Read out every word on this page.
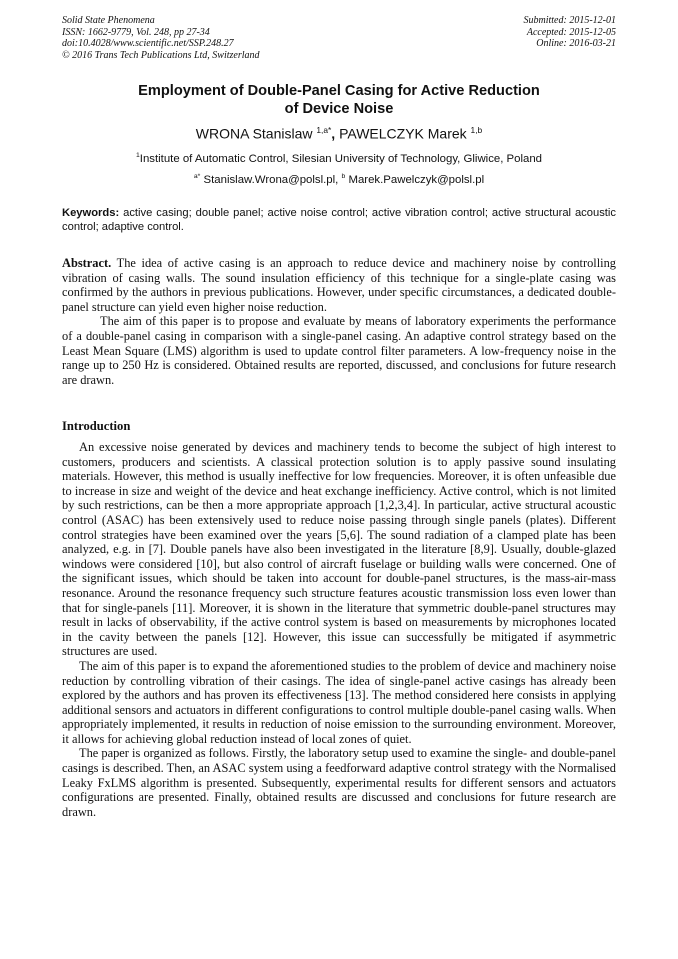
Solid State Phenomena
ISSN: 1662-9779, Vol. 248, pp 27-34
doi:10.4028/www.scientific.net/SSP.248.27
© 2016 Trans Tech Publications Ltd, Switzerland
Submitted: 2015-12-01
Accepted: 2015-12-05
Online: 2016-03-21
Employment of Double-Panel Casing for Active Reduction
of Device Noise
WRONA Stanislaw $^{1,a*}$, PAWELCZYK Marek $^{1,b}$
$^1$Institute of Automatic Control, Silesian University of Technology, Gliwice, Poland
$^{a*}$ Stanislaw.Wrona@polsl.pl, $^b$ Marek.Pawelczyk@polsl.pl
Keywords: active casing; double panel; active noise control; active vibration control; active structural acoustic control; adaptive control.

Abstract. The idea of active casing is an approach to reduce device and machinery noise by controlling vibration of casing walls. The sound insulation efficiency of this technique for a single-plate casing was confirmed by the authors in previous publications. However, under specific circumstances, a dedicated double-panel structure can yield even higher noise reduction.

The aim of this paper is to propose and evaluate by means of laboratory experiments the performance of a double-panel casing in comparison with a single-panel casing. An adaptive control strategy based on the Least Mean Square (LMS) algorithm is used to update control filter parameters. A low-frequency noise in the range up to 250 Hz is considered. Obtained results are reported, discussed, and conclusions for future research are drawn.

Introduction

An excessive noise generated by devices and machinery tends to become the subject of high interest to customers, producers and scientists. A classical protection solution is to apply passive sound insulating materials. However, this method is usually ineffective for low frequencies. Moreover, it is often unfeasible due to increase in size and weight of the device and heat exchange inefficiency. Active control, which is not limited by such restrictions, can be then a more appropriate approach [1,2,3,4]. In particular, active structural acoustic control (ASAC) has been extensively used to reduce noise passing through single panels (plates). Different control strategies have been examined over the years [5,6]. The sound radiation of a clamped plate has been analyzed, e.g. in [7]. Double panels have also been investigated in the literature [8,9]. Usually, double-glazed windows were considered [10], but also control of aircraft fuselage or building walls were concerned. One of the significant issues, which should be taken into account for double-panel structures, is the mass-air-mass resonance. Around the resonance frequency such structure features acoustic transmission loss even lower than that for single-panels [11]. Moreover, it is shown in the literature that symmetric double-panel structures may result in lacks of observability, if the active control system is based on measurements by microphones located in the cavity between the panels [12]. However, this issue can successfully be mitigated if asymmetric structures are used.

The aim of this paper is to expand the aforementioned studies to the problem of device and machinery noise reduction by controlling vibration of their casings. The idea of single-panel active casings has already been explored by the authors and has proven its effectiveness [13]. The method considered here consists in applying additional sensors and actuators in different configurations to control multiple double-panel casing walls. When appropriately implemented, it results in reduction of noise emission to the surrounding environment. Moreover, it allows for achieving global reduction instead of local zones of quiet.

The paper is organized as follows. Firstly, the laboratory setup used to examine the single- and double-panel casings is described. Then, an ASAC system using a feedforward adaptive control strategy with the Normalised Leaky FxLMS algorithm is presented. Subsequently, experimental results for different sensors and actuators configurations are presented. Finally, obtained results are discussed and conclusions for future research are drawn.
